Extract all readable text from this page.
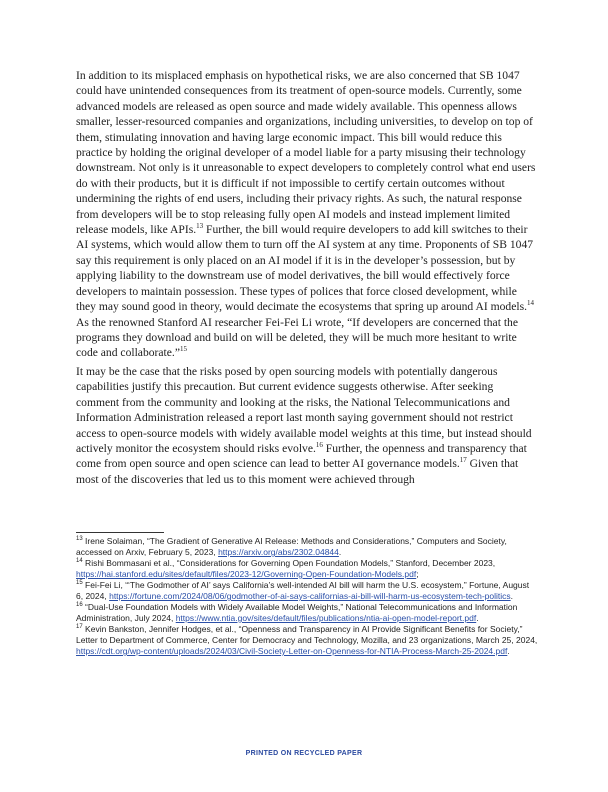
In addition to its misplaced emphasis on hypothetical risks, we are also concerned that SB 1047 could have unintended consequences from its treatment of open-source models. Currently, some advanced models are released as open source and made widely available. This openness allows smaller, lesser-resourced companies and organizations, including universities, to develop on top of them, stimulating innovation and having large economic impact. This bill would reduce this practice by holding the original developer of a model liable for a party misusing their technology downstream. Not only is it unreasonable to expect developers to completely control what end users do with their products, but it is difficult if not impossible to certify certain outcomes without undermining the rights of end users, including their privacy rights. As such, the natural response from developers will be to stop releasing fully open AI models and instead implement limited release models, like APIs.$^{13}$ Further, the bill would require developers to add kill switches to their AI systems, which would allow them to turn off the AI system at any time. Proponents of SB 1047 say this requirement is only placed on an AI model if it is in the developer’s possession, but by applying liability to the downstream use of model derivatives, the bill would effectively force developers to maintain possession. These types of polices that force closed development, while they may sound good in theory, would decimate the ecosystems that spring up around AI models.$^{14}$ As the renowned Stanford AI researcher Fei-Fei Li wrote, “If developers are concerned that the programs they download and build on will be deleted, they will be much more hesitant to write code and collaborate.”$^{15}$

It may be the case that the risks posed by open sourcing models with potentially dangerous capabilities justify this precaution. But current evidence suggests otherwise. After seeking comment from the community and looking at the risks, the National Telecommunications and Information Administration released a report last month saying government should not restrict access to open-source models with widely available model weights at this time, but instead should actively monitor the ecosystem should risks evolve.$^{16}$ Further, the openness and transparency that come from open source and open science can lead to better AI governance models.$^{17}$ Given that most of the discoveries that led us to this moment were achieved through

$^{13}$ Irene Solaiman, “The Gradient of Generative AI Release: Methods and Considerations,” Computers and Society, accessed on Arxiv, February 5, 2023, https://arxiv.org/abs/2302.04844.

$^{14}$ Rishi Bommasani et al., “Considerations for Governing Open Foundation Models,” Stanford, December 2023, https://hai.stanford.edu/sites/default/files/2023-12/Governing-Open-Foundation-Models.pdf;

$^{15}$ Fei-Fei Li, “‘The Godmother of AI’ says California’s well-intended AI bill will harm the U.S. ecosystem,” Fortune, August 6, 2024, https://fortune.com/2024/08/06/godmother-of-ai-says-californias-ai-bill-will-harm-us-ecosystem-tech-politics.

$^{16}$ “Dual-Use Foundation Models with Widely Available Model Weights,” National Telecommunications and Information Administration, July 2024, https://www.ntia.gov/sites/default/files/publications/ntia-ai-open-model-report.pdf.

$^{17}$ Kevin Bankston, Jennifer Hodges, et al., “Openness and Transparency in AI Provide Significant Benefits for Society,” Letter to Department of Commerce, Center for Democracy and Technology, Mozilla, and 23 organizations, March 25, 2024, https://cdt.org/wp-content/uploads/2024/03/Civil-Society-Letter-on-Openness-for-NTIA-Process-March-25-2024.pdf.

PRINTED ON RECYCLED PAPER
